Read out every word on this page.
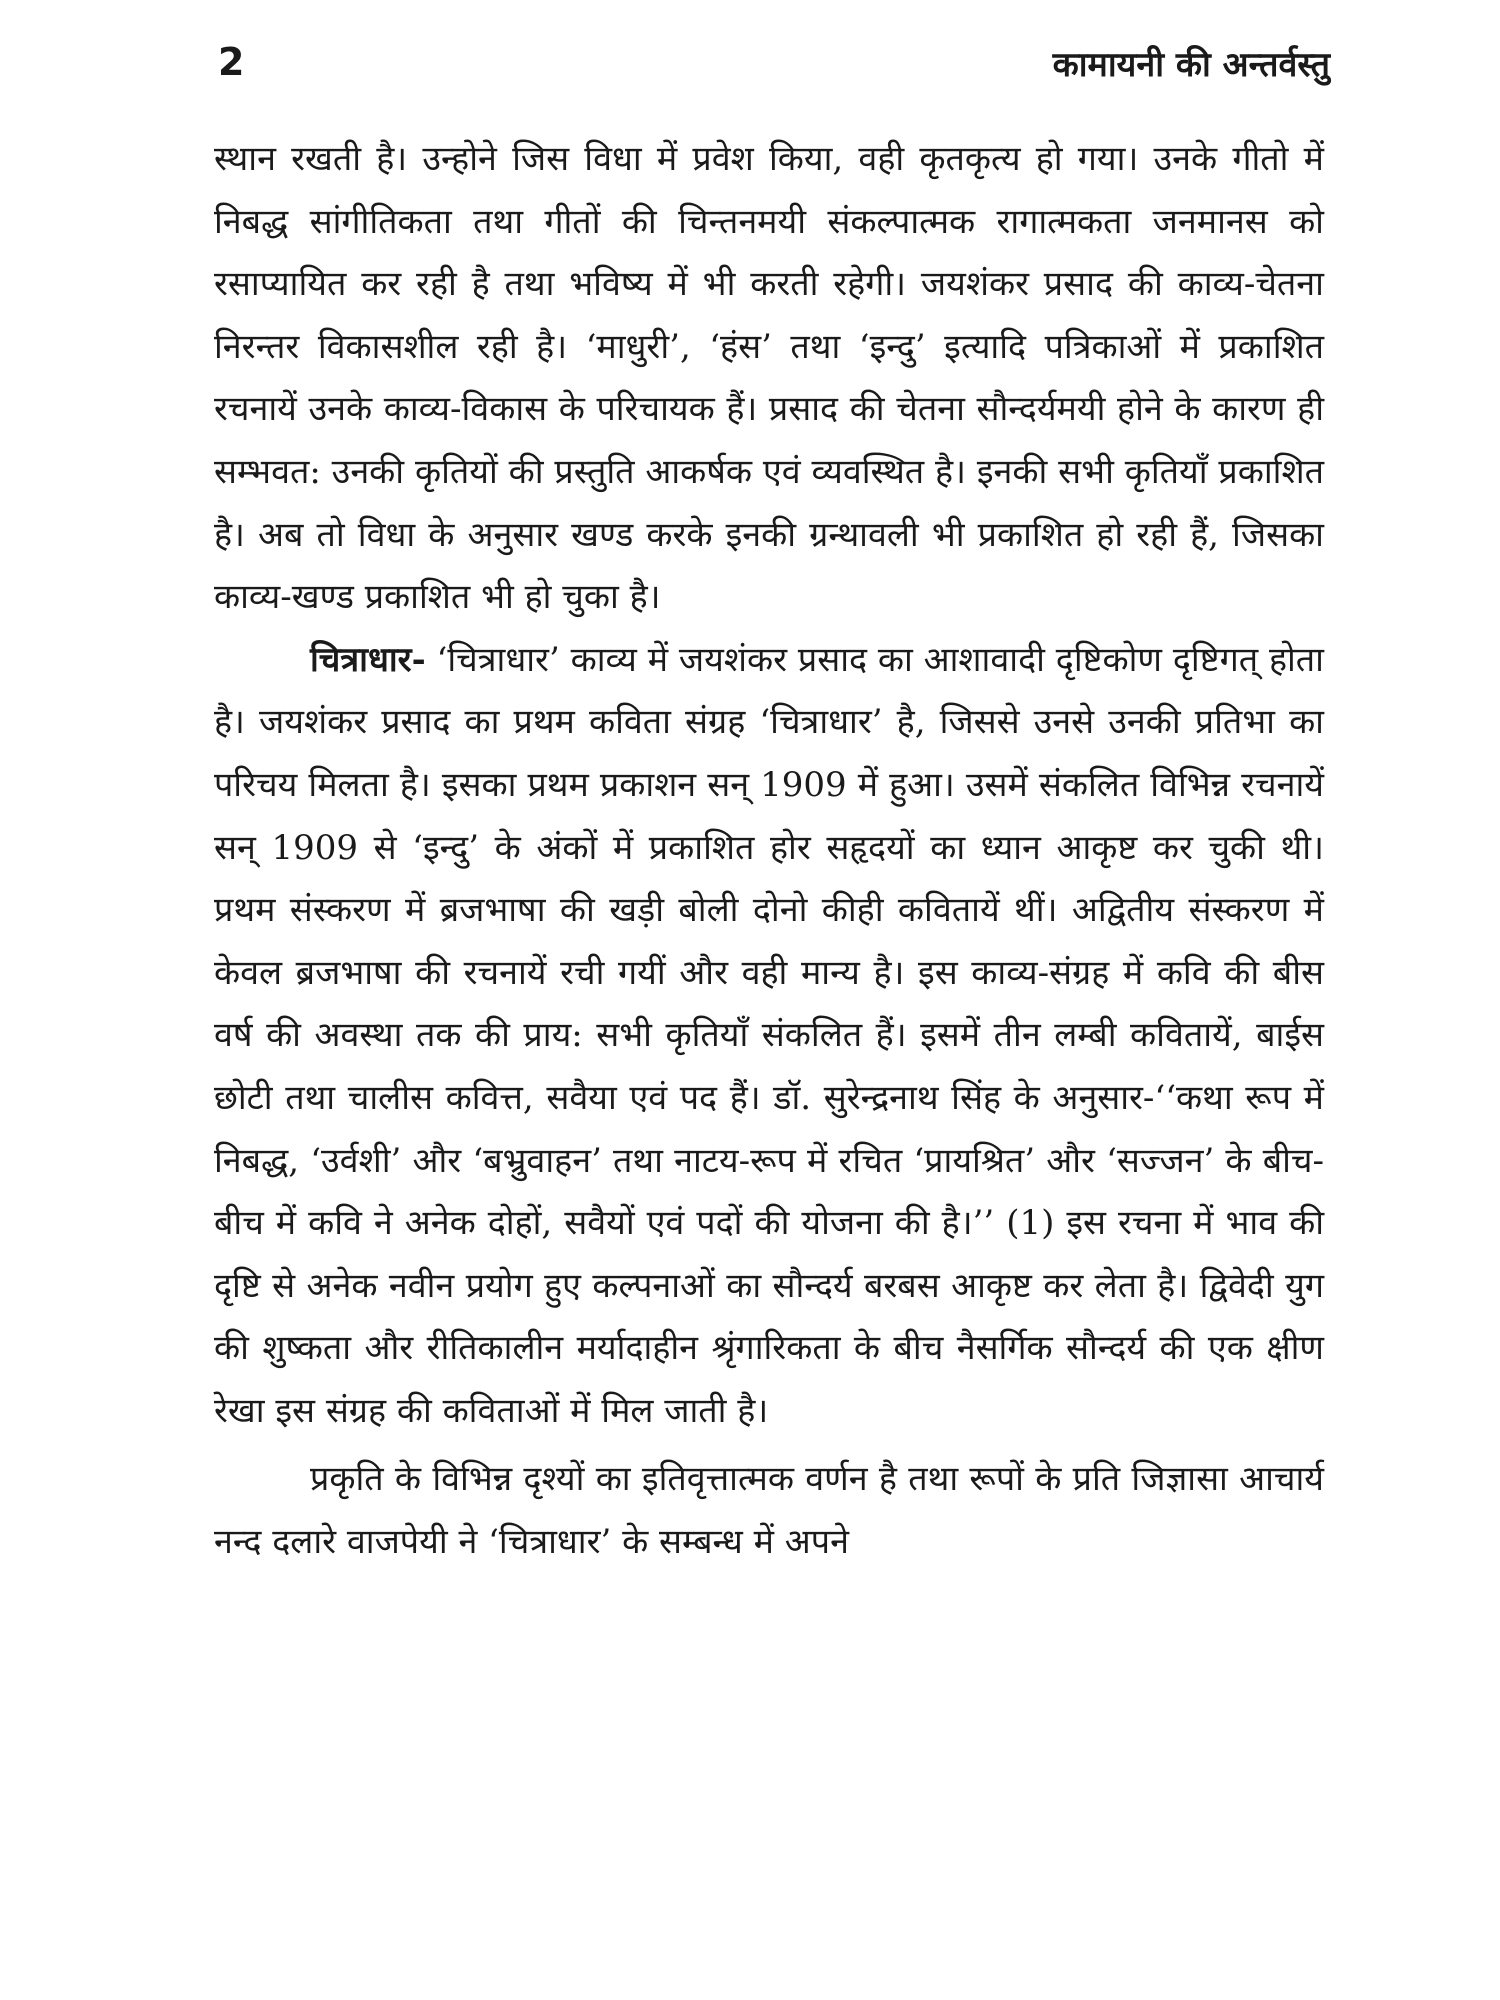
2	कामायनी की अन्तर्वस्तु

स्थान रखती है। उन्होने जिस विधा में प्रवेश किया, वही कृतकृत्य हो गया। उनके गीतो में निबद्ध सांगीतिकता तथा गीतों की चिन्तनमयी संकल्पात्मक रागात्मकता जनमानस को रसाप्यायित कर रही है तथा भविष्य में भी करती रहेगी। जयशंकर प्रसाद की काव्य-चेतना निरन्तर विकासशील रही है। ‘माधुरी’, ‘हंस’ तथा ‘इन्दु’ इत्यादि पत्रिकाओं में प्रकाशित रचनायें उनके काव्य-विकास के परिचायक हैं। प्रसाद की चेतना सौन्दर्यमयी होने के कारण ही सम्भवत: उनकी कृतियों की प्रस्तुति आकर्षक एवं व्यवस्थित है। इनकी सभी कृतियाँ प्रकाशित है। अब तो विधा के अनुसार खण्ड करके इनकी ग्रन्थावली भी प्रकाशित हो रही हैं, जिसका काव्य-खण्ड प्रकाशित भी हो चुका है।

चित्राधार- ‘चित्राधार’ काव्य में जयशंकर प्रसाद का आशावादी दृष्टिकोण दृष्टिगत् होता है। जयशंकर प्रसाद का प्रथम कविता संग्रह ‘चित्राधार’ है, जिससे उनसे उनकी प्रतिभा का परिचय मिलता है। इसका प्रथम प्रकाशन सन् 1909 में हुआ। उसमें संकलित विभिन्न रचनायें सन् 1909 से ‘इन्दु’ के अंकों में प्रकाशित होर सहृदयों का ध्यान आकृष्ट कर चुकी थी। प्रथम संस्करण में ब्रजभाषा की खड़ी बोली दोनो कीही कवितायें थीं। अद्वितीय संस्करण में केवल ब्रजभाषा की रचनायें रची गयीं और वही मान्य है। इस काव्य-संग्रह में कवि की बीस वर्ष की अवस्था तक की प्राय: सभी कृतियाँ संकलित हैं। इसमें तीन लम्बी कवितायें, बाईस छोटी तथा चालीस कवित्त, सवैया एवं पद हैं। डॉ. सुरेन्द्रनाथ सिंह के अनुसार-‘‘कथा रूप में निबद्ध, ‘उर्वशी’ और ‘बभ्रुवाहन’ तथा नाटय-रूप में रचित ‘प्रायश्रित’ और ‘सज्जन’ के बीच-बीच में कवि ने अनेक दोहों, सवैयों एवं पदों की योजना की है।’’ (1) इस रचना में भाव की दृष्टि से अनेक नवीन प्रयोग हुए कल्पनाओं का सौन्दर्य बरबस आकृष्ट कर लेता है। द्विवेदी युग की शुष्कता और रीतिकालीन मर्यादाहीन श्रृंगारिकता के बीच नैसर्गिक सौन्दर्य की एक क्षीण रेखा इस संग्रह की कविताओं में मिल जाती है।

प्रकृति के विभिन्न दृश्यों का इतिवृत्तात्मक वर्णन है तथा रूपों के प्रति जिज्ञासा आचार्य नन्द दलारे वाजपेयी ने ‘चित्राधार’ के सम्बन्ध में अपने
